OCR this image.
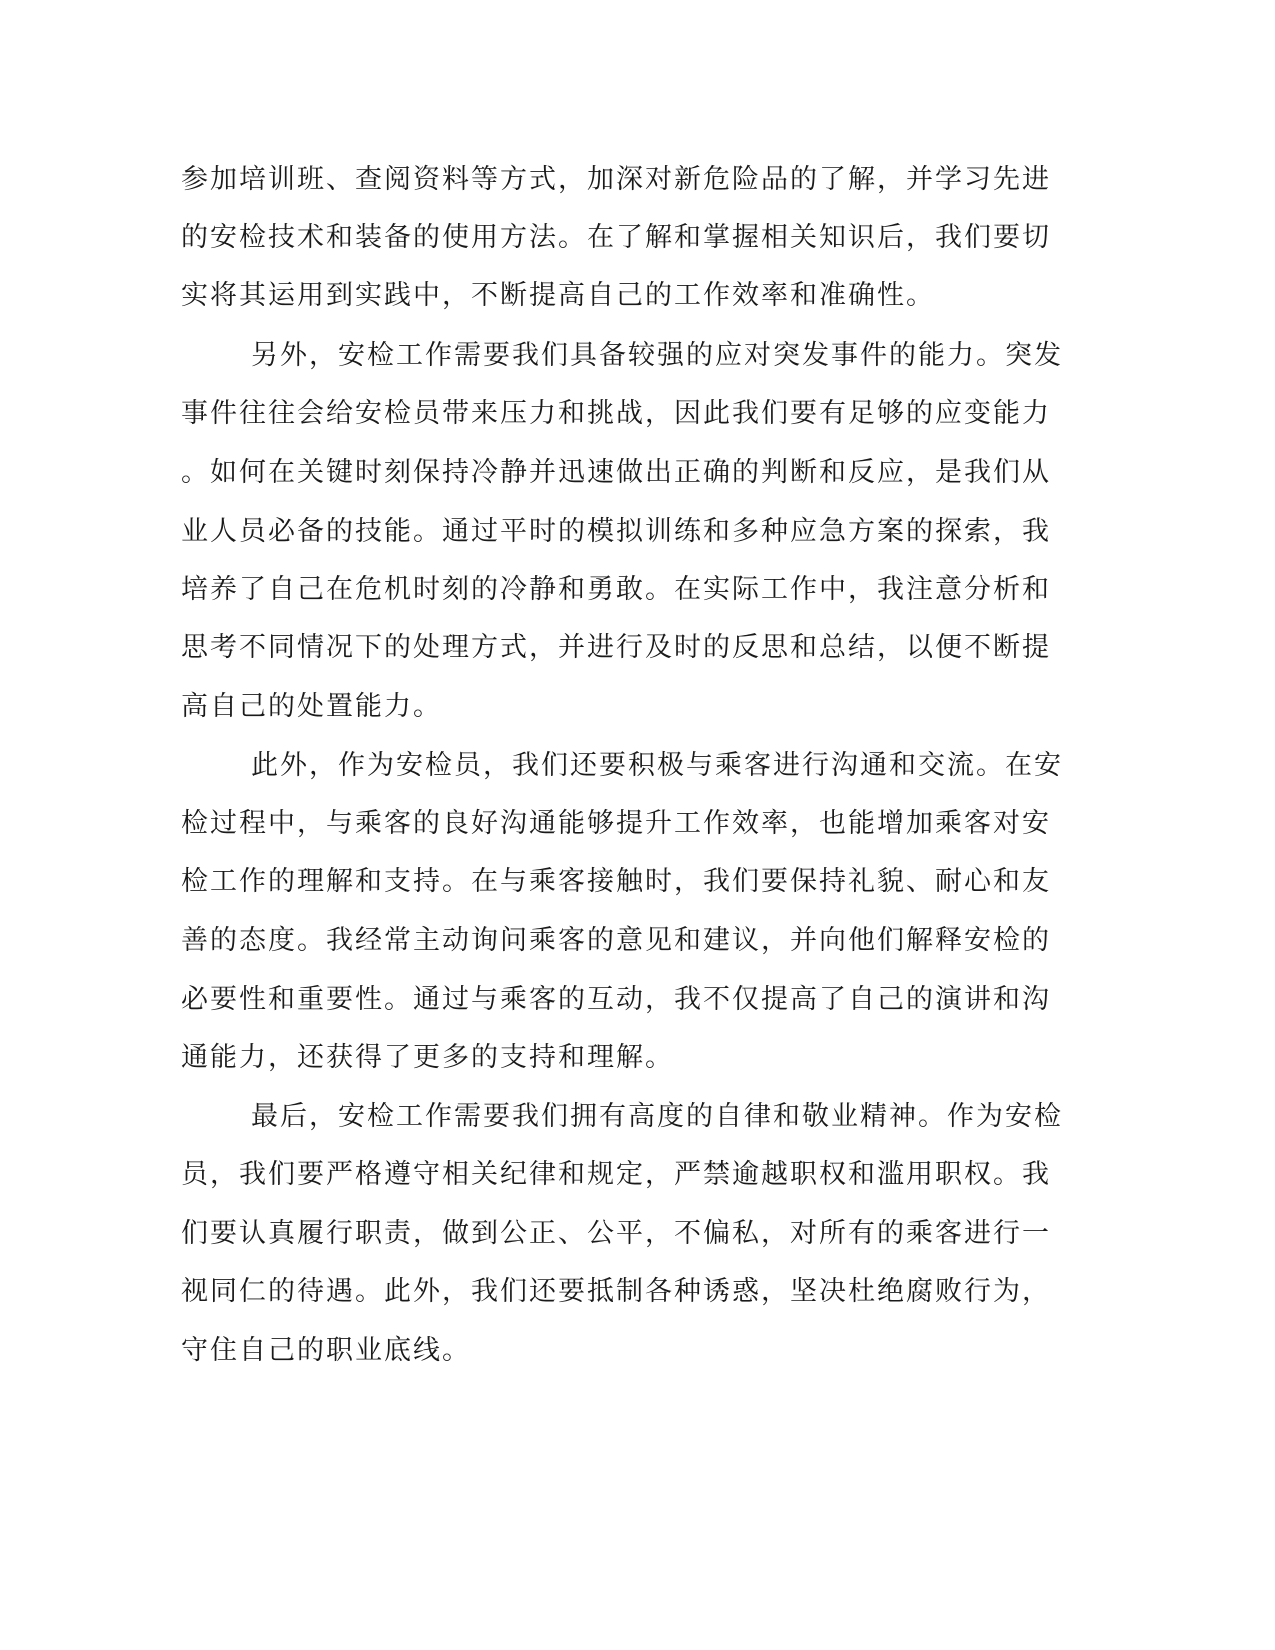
参加培训班、查阅资料等方式，加深对新危险品的了解，并学习先进
的安检技术和装备的使用方法。在了解和掌握相关知识后，我们要切
实将其运用到实践中，不断提高自己的工作效率和准确性。
另外，安检工作需要我们具备较强的应对突发事件的能力。突发
事件往往会给安检员带来压力和挑战，因此我们要有足够的应变能力
。如何在关键时刻保持冷静并迅速做出正确的判断和反应，是我们从
业人员必备的技能。通过平时的模拟训练和多种应急方案的探索，我
培养了自己在危机时刻的冷静和勇敢。在实际工作中，我注意分析和
思考不同情况下的处理方式，并进行及时的反思和总结，以便不断提
高自己的处置能力。
此外，作为安检员，我们还要积极与乘客进行沟通和交流。在安
检过程中，与乘客的良好沟通能够提升工作效率，也能增加乘客对安
检工作的理解和支持。在与乘客接触时，我们要保持礼貌、耐心和友
善的态度。我经常主动询问乘客的意见和建议，并向他们解释安检的
必要性和重要性。通过与乘客的互动，我不仅提高了自己的演讲和沟
通能力，还获得了更多的支持和理解。
最后，安检工作需要我们拥有高度的自律和敬业精神。作为安检
员，我们要严格遵守相关纪律和规定，严禁逾越职权和滥用职权。我
们要认真履行职责，做到公正、公平，不偏私，对所有的乘客进行一
视同仁的待遇。此外，我们还要抵制各种诱惑，坚决杜绝腐败行为，
守住自己的职业底线。
